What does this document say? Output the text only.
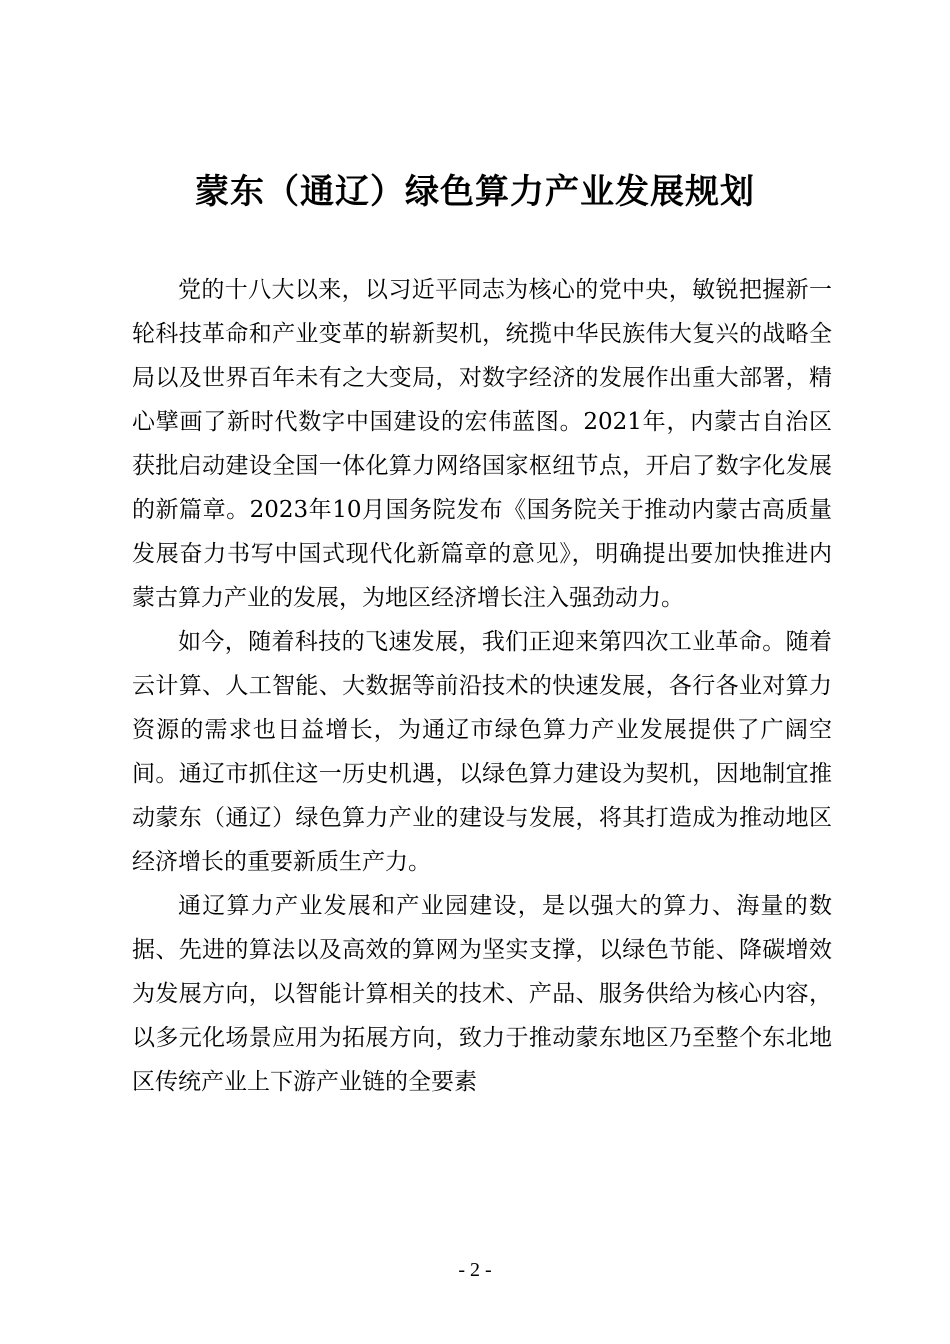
蒙东（通辽）绿色算力产业发展规划

党的十八大以来，以习近平同志为核心的党中央，敏锐把握新一轮科技革命和产业变革的崭新契机，统揽中华民族伟大复兴的战略全局以及世界百年未有之大变局，对数字经济的发展作出重大部署，精心擘画了新时代数字中国建设的宏伟蓝图。2021年，内蒙古自治区获批启动建设全国一体化算力网络国家枢纽节点，开启了数字化发展的新篇章。2023年10月国务院发布《国务院关于推动内蒙古高质量发展奋力书写中国式现代化新篇章的意见》，明确提出要加快推进内蒙古算力产业的发展，为地区经济增长注入强劲动力。

如今，随着科技的飞速发展，我们正迎来第四次工业革命。随着云计算、人工智能、大数据等前沿技术的快速发展，各行各业对算力资源的需求也日益增长，为通辽市绿色算力产业发展提供了广阔空间。通辽市抓住这一历史机遇，以绿色算力建设为契机，因地制宜推动蒙东（通辽）绿色算力产业的建设与发展，将其打造成为推动地区经济增长的重要新质生产力。

通辽算力产业发展和产业园建设，是以强大的算力、海量的数据、先进的算法以及高效的算网为坚实支撑，以绿色节能、降碳增效为发展方向，以智能计算相关的技术、产品、服务供给为核心内容，以多元化场景应用为拓展方向，致力于推动蒙东地区乃至整个东北地区传统产业上下游产业链的全要素

- 2 -
